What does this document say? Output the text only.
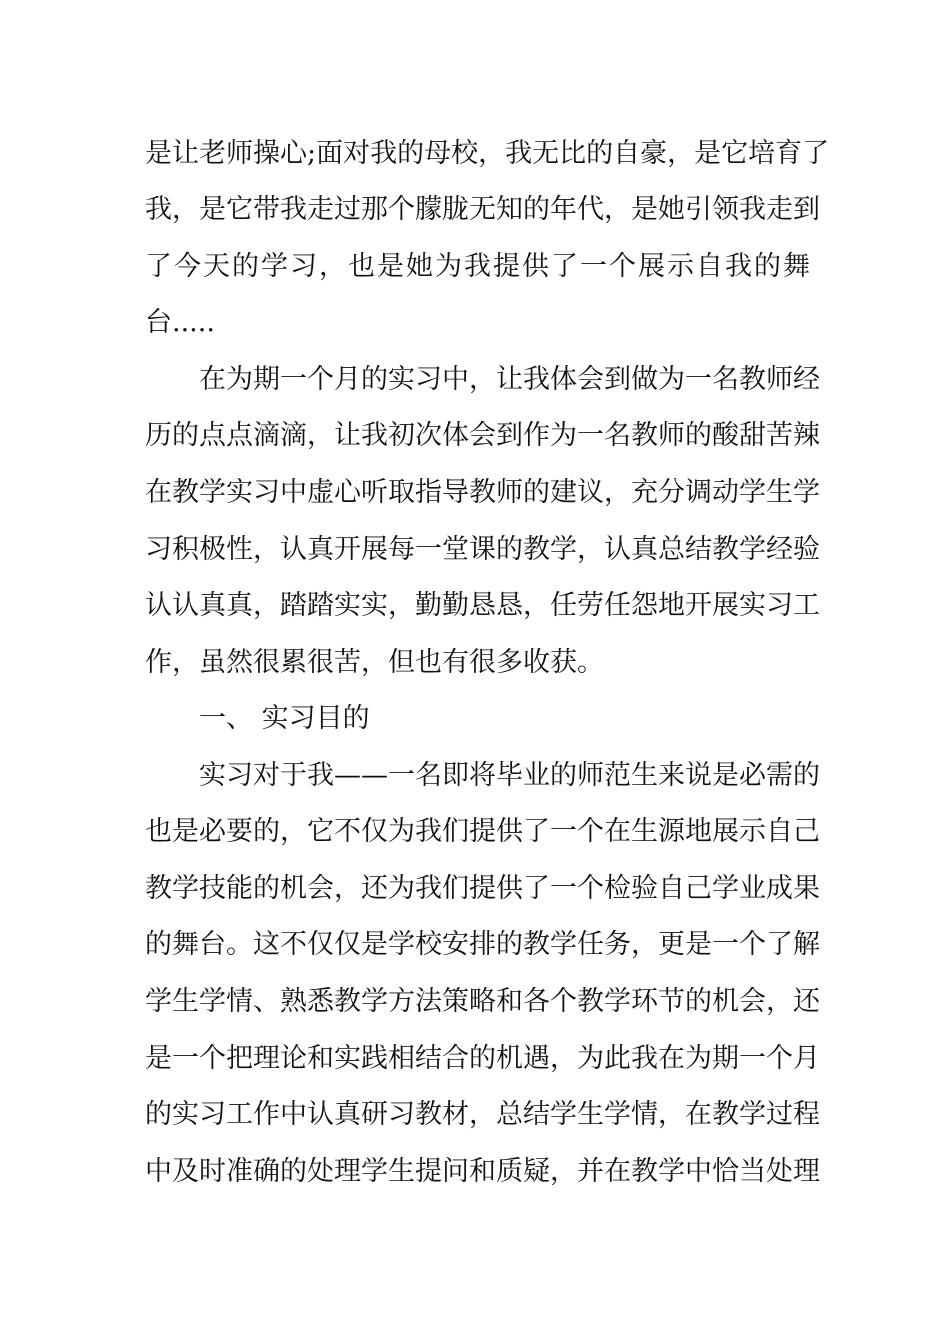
是让老师操心;面对我的母校，我无比的自豪，是它培育了
我，是它带我走过那个朦胧无知的年代，是她引领我走到
了今天的学习，也是她为我提供了一个展示自我的舞
台.....
在为期一个月的实习中，让我体会到做为一名教师经
历的点点滴滴，让我初次体会到作为一名教师的酸甜苦辣
在教学实习中虚心听取指导教师的建议，充分调动学生学
习积极性，认真开展每一堂课的教学，认真总结教学经验
认认真真，踏踏实实，勤勤恳恳，任劳任怨地开展实习工
作，虽然很累很苦，但也有很多收获。
一、 实习目的
实习对于我——一名即将毕业的师范生来说是必需的
也是必要的，它不仅为我们提供了一个在生源地展示自己
教学技能的机会，还为我们提供了一个检验自己学业成果
的舞台。这不仅仅是学校安排的教学任务，更是一个了解
学生学情、熟悉教学方法策略和各个教学环节的机会，还
是一个把理论和实践相结合的机遇，为此我在为期一个月
的实习工作中认真研习教材，总结学生学情，在教学过程
中及时准确的处理学生提问和质疑，并在教学中恰当处理
